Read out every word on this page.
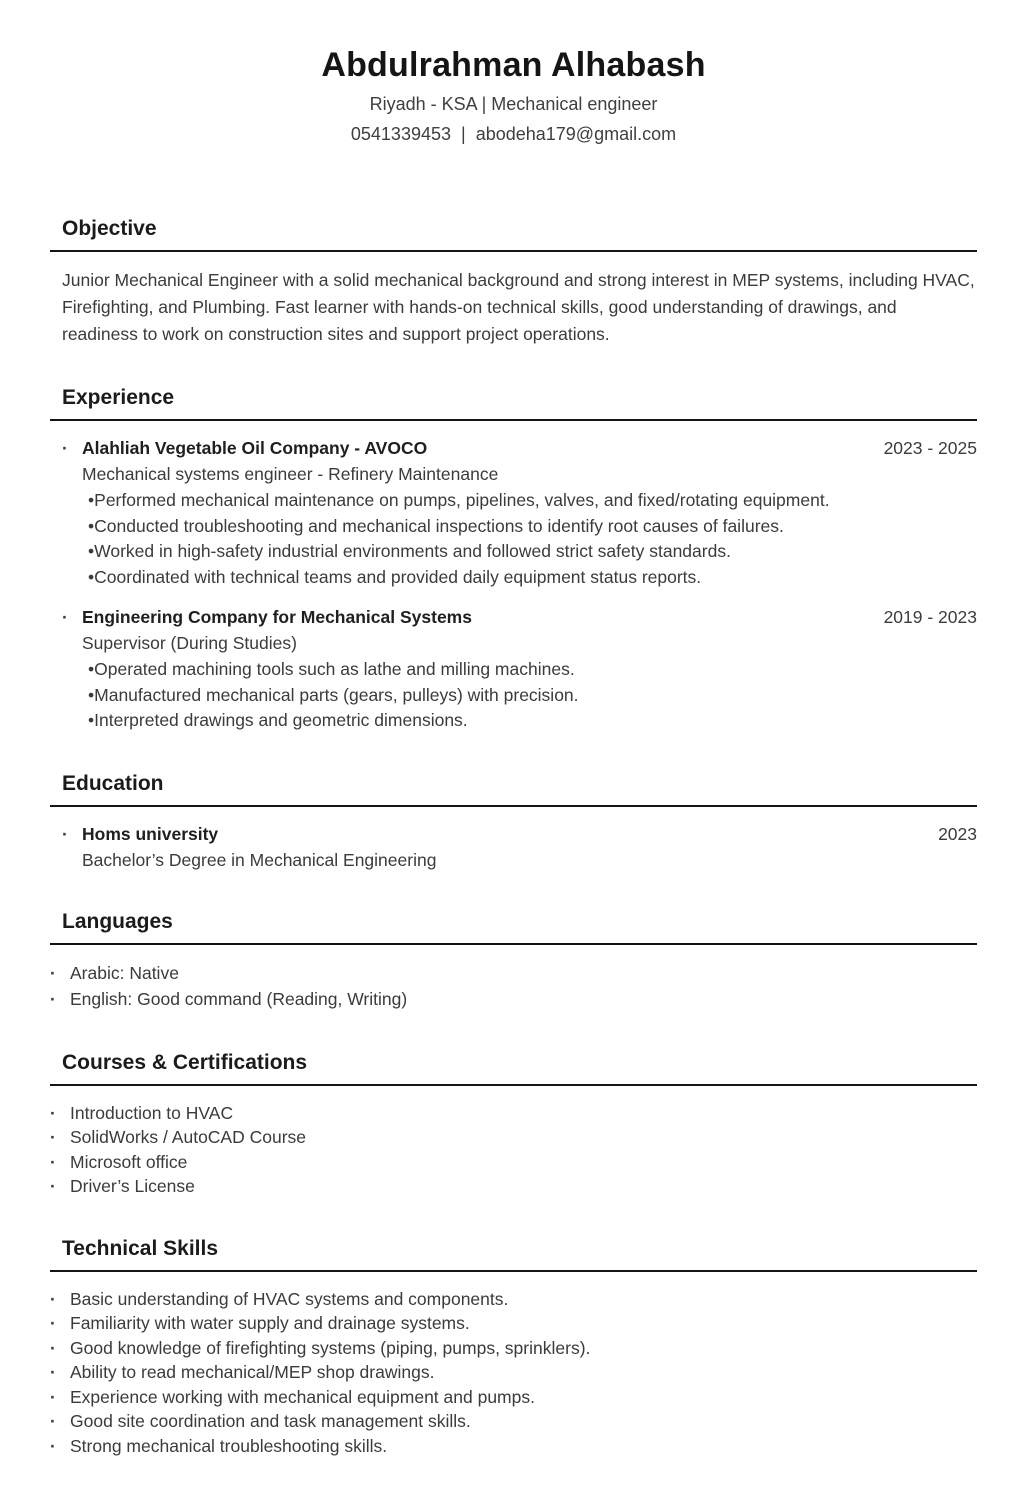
Abdulrahman Alhabash

Riyadh - KSA | Mechanical engineer

0541339453 | abodeha179@gmail.com

Objective

Junior Mechanical Engineer with a solid mechanical background and strong interest in MEP systems, including HVAC, Firefighting, and Plumbing. Fast learner with hands-on technical skills, good understanding of drawings, and readiness to work on construction sites and support project operations.

Experience
·
Alahliah Vegetable Oil Company - AVOCO	2023 - 2025
Mechanical systems engineer - Refinery Maintenance
• Performed mechanical maintenance on pumps, pipelines, valves, and fixed/rotating equipment.
• Conducted troubleshooting and mechanical inspections to identify root causes of failures.
• Worked in high-safety industrial environments and followed strict safety standards.
• Coordinated with technical teams and provided daily equipment status reports.
·
Engineering Company for Mechanical Systems	2019 - 2023
Supervisor (During Studies)
• Operated machining tools such as lathe and milling machines.
• Manufactured mechanical parts (gears, pulleys) with precision.
• Interpreted drawings and geometric dimensions.
Education
·
Homs university	2023
Bachelor’s Degree in Mechanical Engineering
Languages
·
Arabic: Native
·
English: Good command (Reading, Writing)
Courses & Certifications
·
Introduction to HVAC
·
SolidWorks / AutoCAD Course
·
Microsoft office
·
Driver’s License
Technical Skills
·
Basic understanding of HVAC systems and components.
·
Familiarity with water supply and drainage systems.
·
Good knowledge of firefighting systems (piping, pumps, sprinklers).
·
Ability to read mechanical/MEP shop drawings.
·
Experience working with mechanical equipment and pumps.
·
Good site coordination and task management skills.
·
Strong mechanical troubleshooting skills.
